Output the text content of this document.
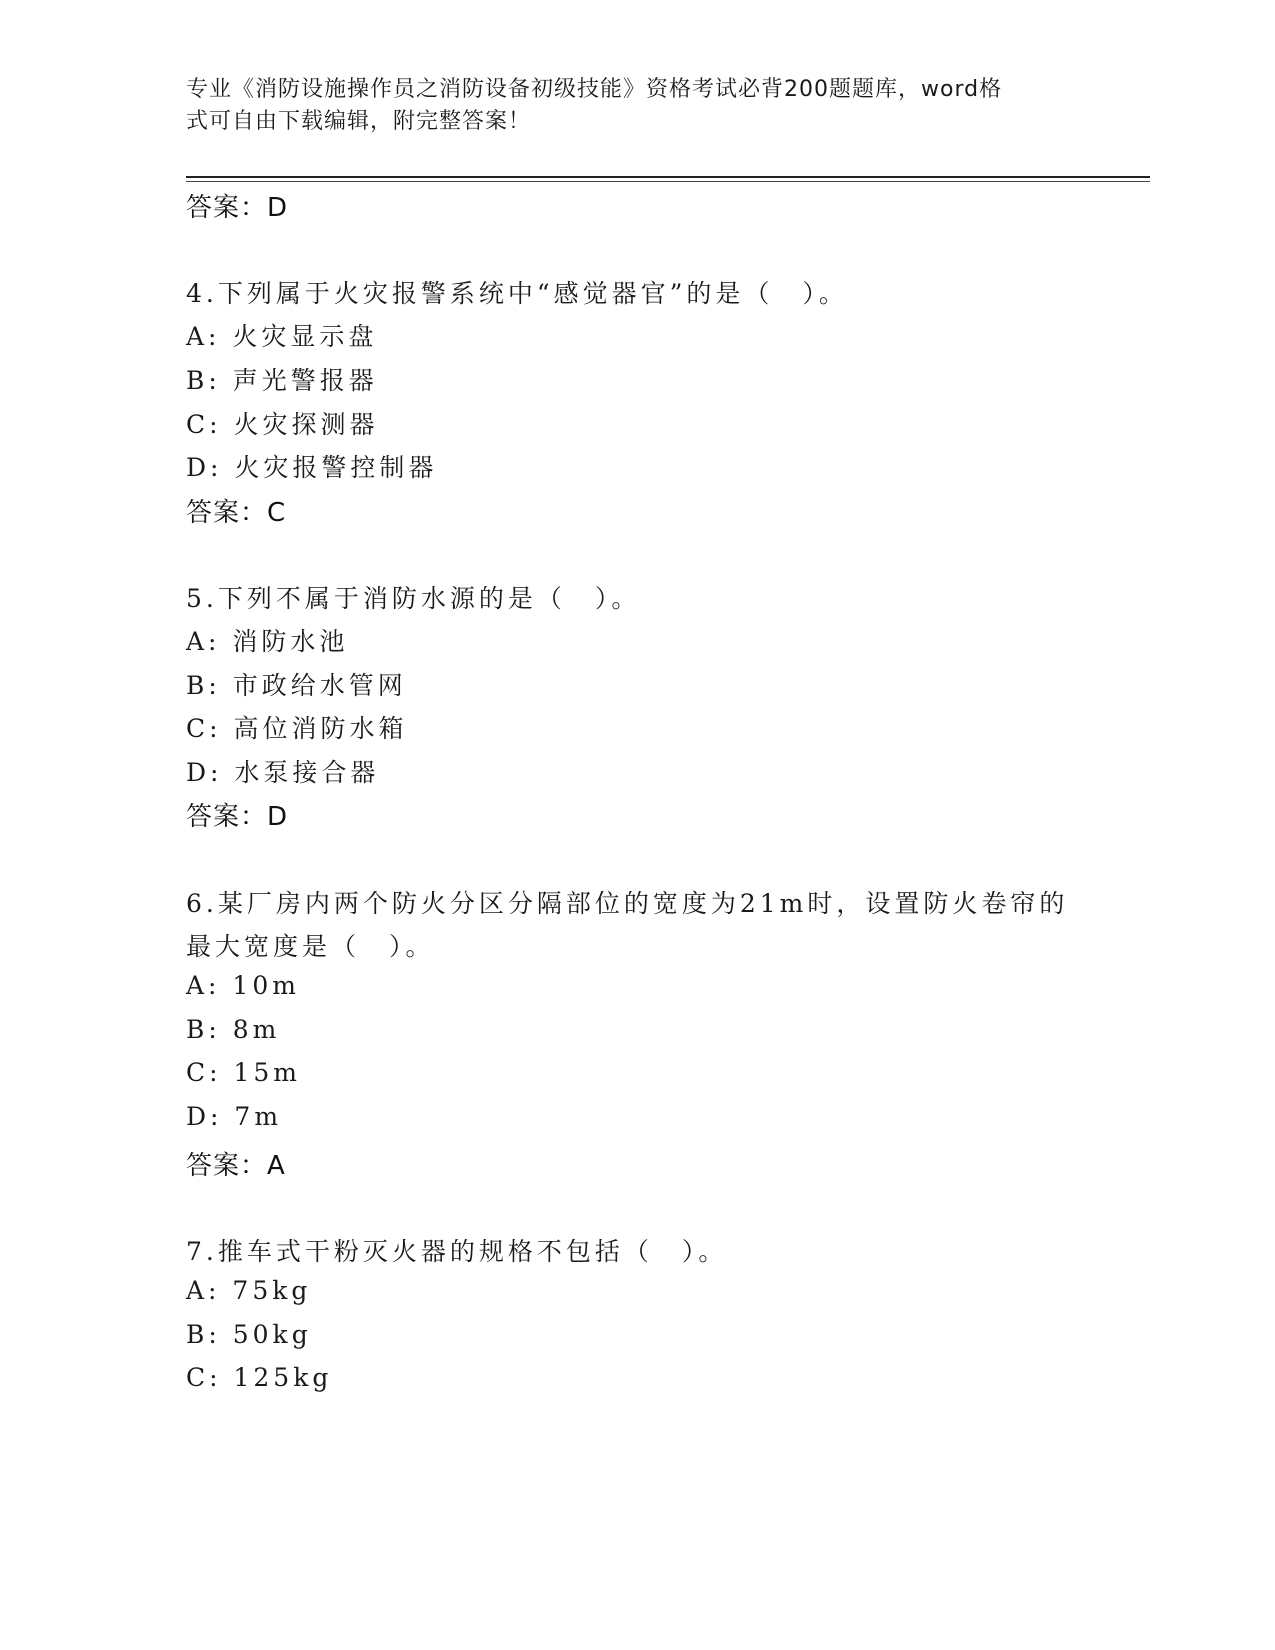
专业《消防设施操作员之消防设备初级技能》资格考试必背200题题库，word格
式可自由下载编辑，附完整答案！
答案：D
4.下列属于火灾报警系统中“感觉器官”的是（　）。
A: 火灾显示盘
B: 声光警报器
C: 火灾探测器
D: 火灾报警控制器
答案：C
5.下列不属于消防水源的是（　）。
A: 消防水池
B: 市政给水管网
C: 高位消防水箱
D: 水泵接合器
答案：D
6.某厂房内两个防火分区分隔部位的宽度为21m时，设置防火卷帘的
最大宽度是（　）。
A: 10m
B: 8m
C: 15m
D: 7m
答案：A
7.推车式干粉灭火器的规格不包括（　）。
A: 75kg
B: 50kg
C: 125kg
